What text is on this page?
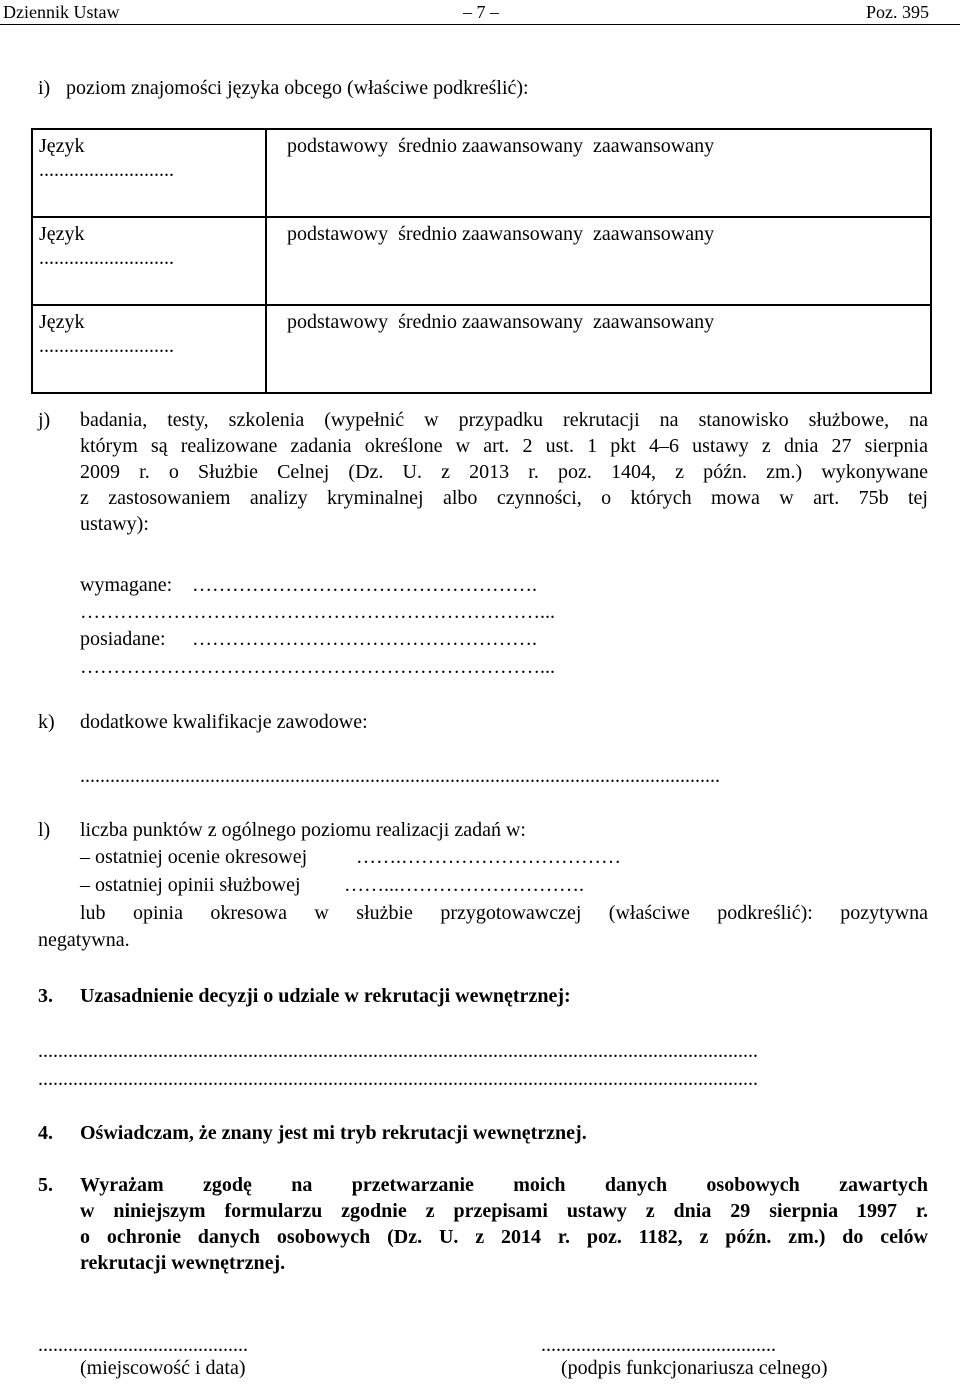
Dziennik Ustaw	– 7 –	Poz. 395
i) poziom znajomości języka obcego (właściwe podkreślić):
Język
...........................	podstawowy średnio zaawansowany zaawansowany

Język
...........................	podstawowy średnio zaawansowany zaawansowany

Język
...........................	podstawowy średnio zaawansowany zaawansowany
j) badania, testy, szkolenia (wypełnić w przypadku rekrutacji na stanowisko służbowe, na
którym są realizowane zadania określone w art. 2 ust. 1 pkt 4–6 ustawy z dnia 27 sierpnia
2009 r. o Służbie Celnej (Dz. U. z 2013 r. poz. 1404, z późn. zm.) wykonywane
z zastosowaniem analizy kryminalnej albo czynności, o których mowa w art. 75b tej
ustawy):
wymagane: …………………………………………….
……………………………………………………………...
posiadane: …………………………………………….
……………………………………………………………...
k) dodatkowe kwalifikacje zawodowe:
................................................................................................................................
l) liczba punktów z ogólnego poziomu realizacji zadań w:
– ostatniej ocenie okresowej …….……………………………
– ostatniej opinii służbowej ……...……………………….
lub opinia okresowa w służbie przygotowawczej (właściwe podkreślić): pozytywna
negatywna.
3. Uzasadnienie decyzji o udziale w rekrutacji wewnętrznej:
................................................................................................................................................
................................................................................................................................................
4. Oświadczam, że znany jest mi tryb rekrutacji wewnętrznej.
5. Wyrażam zgodę na przetwarzanie moich danych osobowych zawartych
w niniejszym formularzu zgodnie z przepisami ustawy z dnia 29 sierpnia 1997 r.
o ochronie danych osobowych (Dz. U. z 2014 r. poz. 1182, z późn. zm.) do celów
rekrutacji wewnętrznej.
..........................................
(miejscowość i data)
...............................................
(podpis funkcjonariusza celnego)
